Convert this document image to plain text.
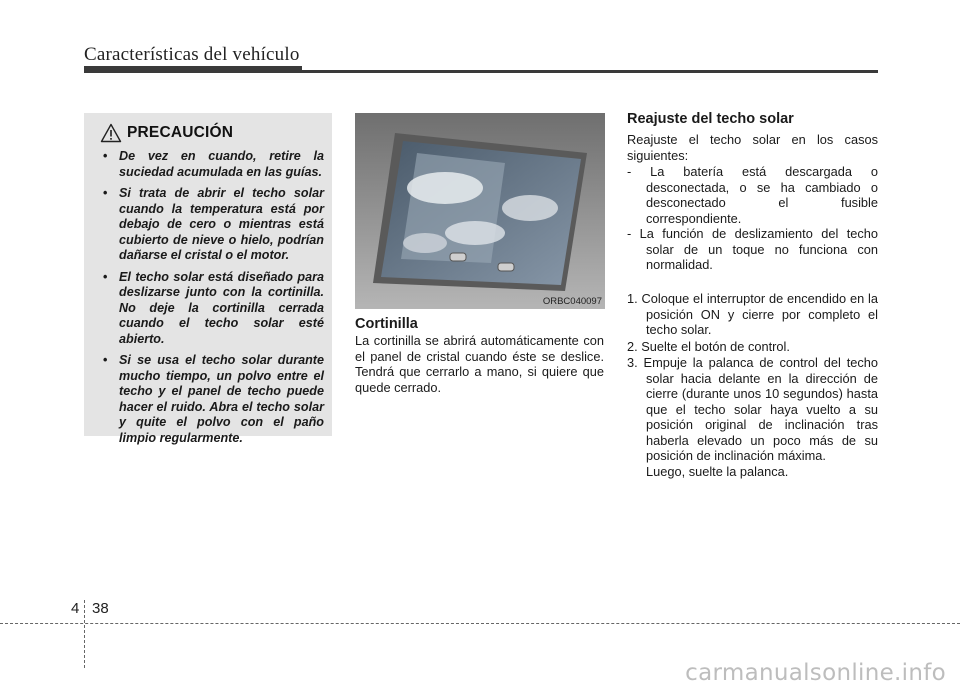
Características del vehículo
PRECAUCIÓN
• De vez en cuando, retire la suciedad acumulada en las guías.
• Si trata de abrir el techo solar cuando la temperatura está por debajo de cero o mientras está cubierto de nieve o hielo, podrían dañarse el cristal o el motor.
• El techo solar está diseñado para deslizarse junto con la cortinilla. No deje la cortinilla cerrada cuando el techo solar esté abierto.
• Si se usa el techo solar durante mucho tiempo, un polvo entre el techo y el panel de techo puede hacer el ruido. Abra el techo solar y quite el polvo con el paño limpio regularmente.
ORBC040097
Cortinilla
La cortinilla se abrirá automáticamente con el panel de cristal cuando éste se deslice. Tendrá que cerrarlo a mano, si quiere que quede cerrado.
Reajuste del techo solar
Reajuste el techo solar en los casos siguientes:
- La batería está descargada o desconectada, o se ha cambiado o desconectado el fusible correspondiente.
- La función de deslizamiento del techo solar de un toque no funciona con normalidad.
1. Coloque el interruptor de encendido en la posición ON y cierre por completo el techo solar.
2. Suelte el botón de control.
3. Empuje la palanca de control del techo solar hacia delante en la dirección de cierre (durante unos 10 segundos) hasta que el techo solar haya vuelto a su posición original de inclinación tras haberla elevado un poco más de su posición de inclinación máxima.
Luego, suelte la palanca.
4 38
carmanualsonline.info
